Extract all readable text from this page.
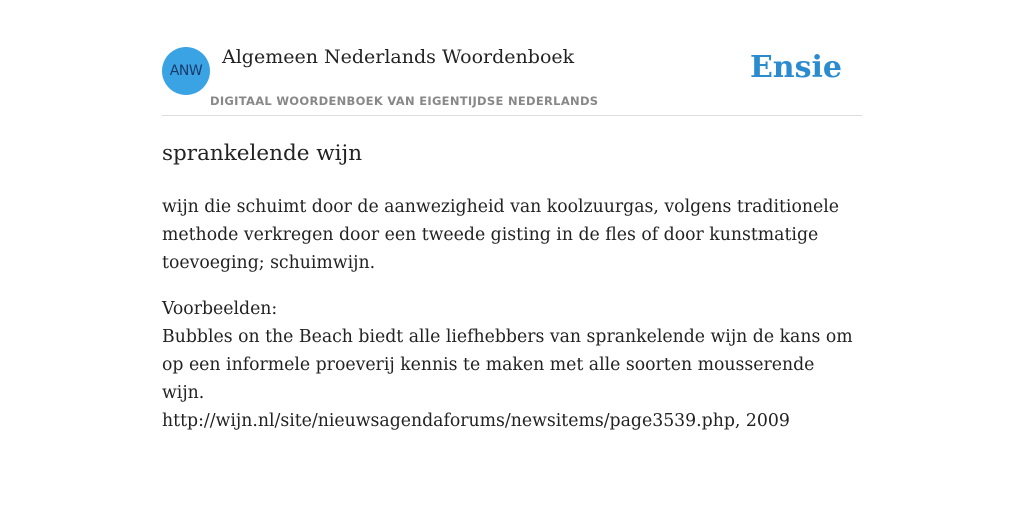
ANW
Algemeen Nederlands Woordenboek
DIGITAAL WOORDENBOEK VAN EIGENTIJDSE NEDERLANDS
Ensie
sprankelende wijn
wijn die schuimt door de aanwezigheid van koolzuurgas, volgens traditionele methode verkregen door een tweede gisting in de fles of door kunstmatige toevoeging; schuimwijn.
Voorbeelden:
Bubbles on the Beach biedt alle liefhebbers van sprankelende wijn de kans om op een informele proeverij kennis te maken met alle soorten mousserende wijn.
http://wijn.nl/site/nieuwsagendaforums/newsitems/page3539.php, 2009
